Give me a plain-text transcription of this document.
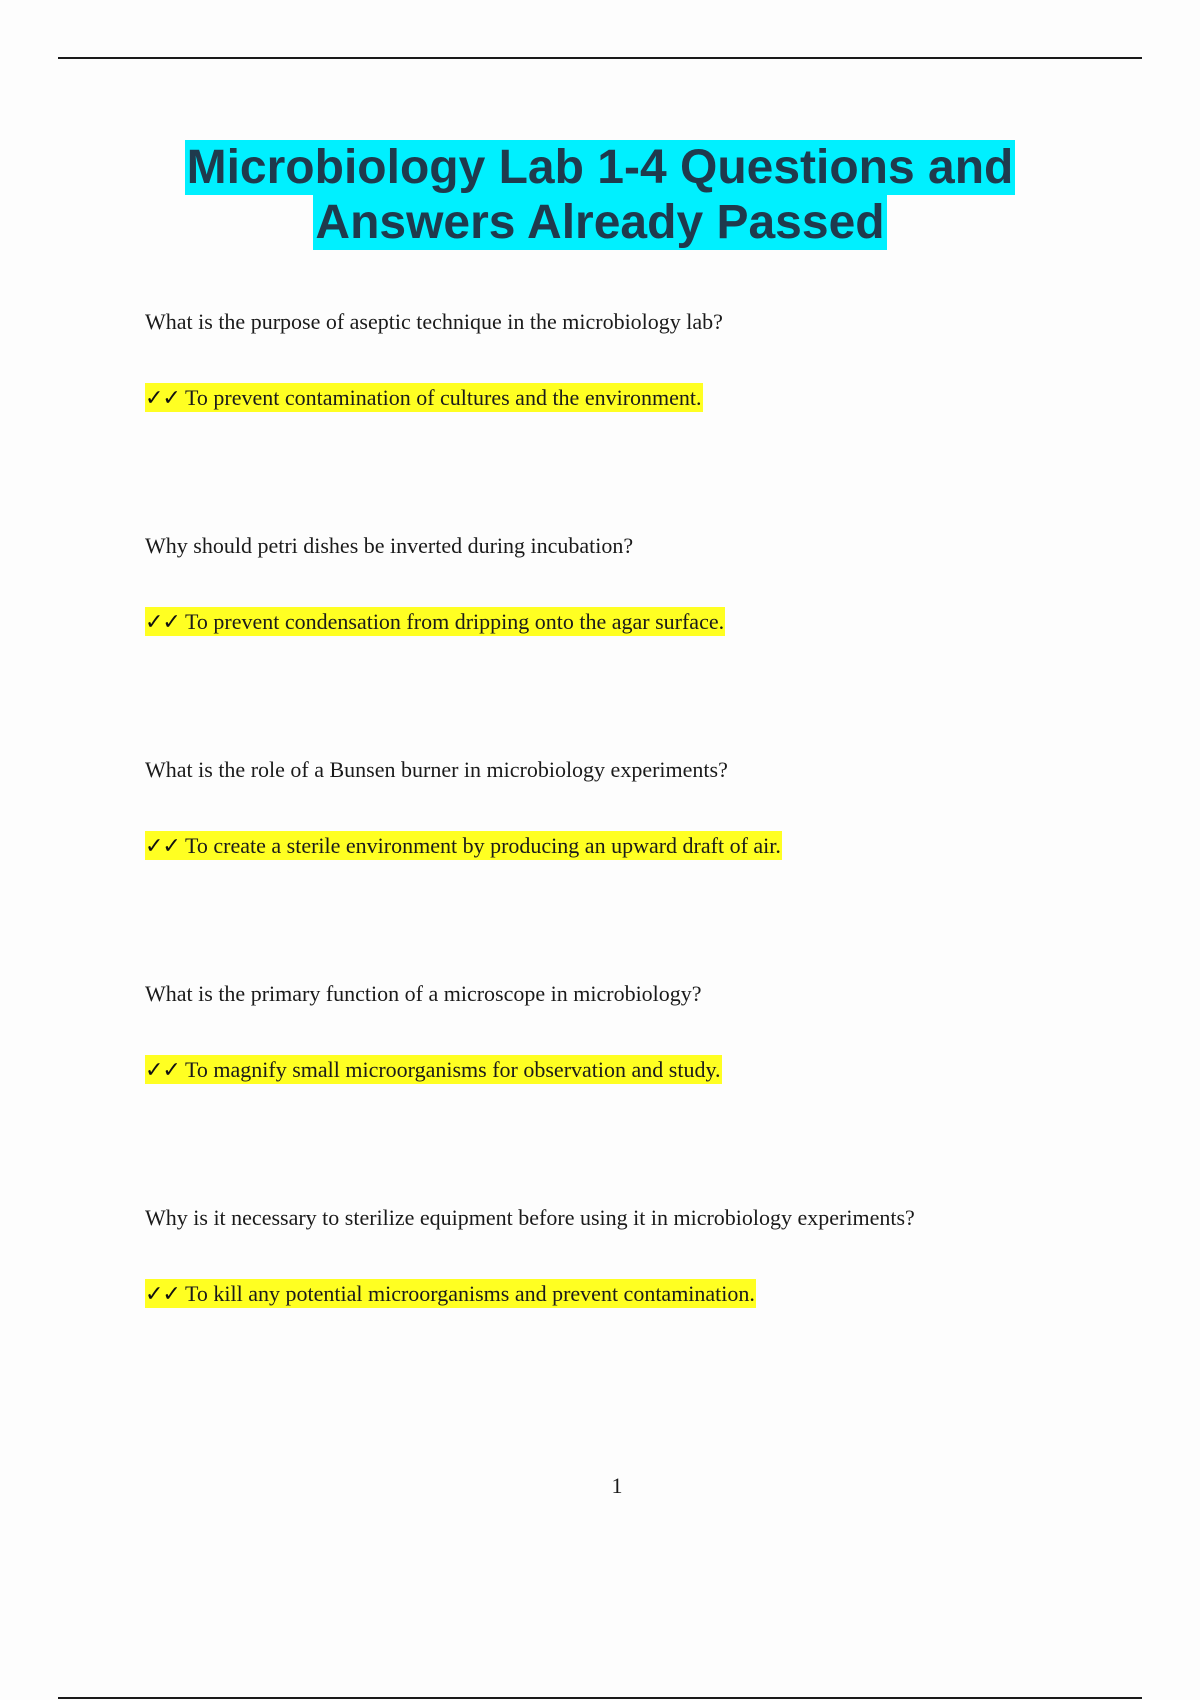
Microbiology Lab 1-4 Questions and
Answers Already Passed

What is the purpose of aseptic technique in the microbiology lab?

✓✓ To prevent contamination of cultures and the environment.

Why should petri dishes be inverted during incubation?

✓✓ To prevent condensation from dripping onto the agar surface.

What is the role of a Bunsen burner in microbiology experiments?

✓✓ To create a sterile environment by producing an upward draft of air.

What is the primary function of a microscope in microbiology?

✓✓ To magnify small microorganisms for observation and study.

Why is it necessary to sterilize equipment before using it in microbiology experiments?

✓✓ To kill any potential microorganisms and prevent contamination.

1
